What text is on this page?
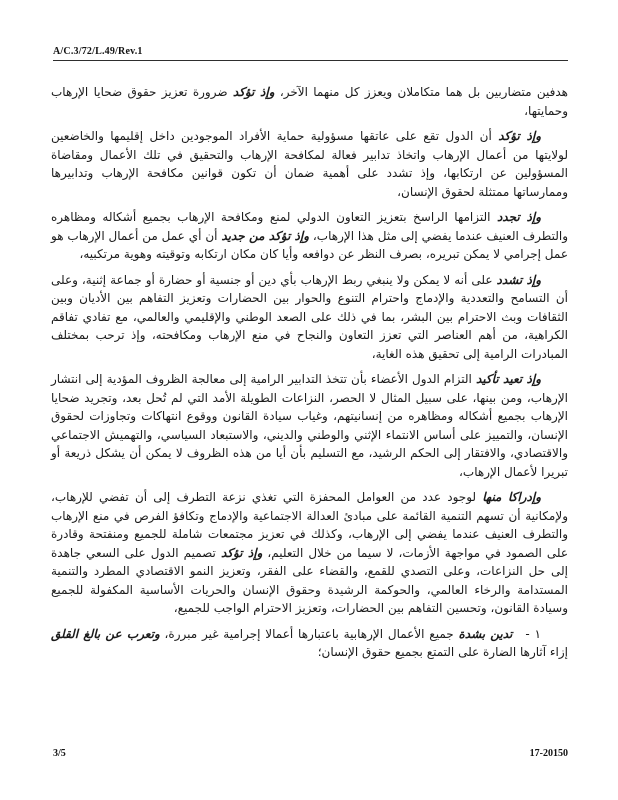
A/C.3/72/L.49/Rev.1

هدفين متضاربين بل هما متكاملان ويعزز كل منهما الآخر، وإذ تؤكد ضرورة تعزيز حقوق ضحايا الإرهاب وحمايتها،

وإذ تؤكد أن الدول تقع على عاتقها مسؤولية حماية الأفراد الموجودين داخل إقليمها والخاضعين لولايتها من أعمال الإرهاب واتخاذ تدابير فعالة لمكافحة الإرهاب والتحقيق في تلك الأعمال ومقاضاة المسؤولين عن ارتكابها، وإذ تشدد على أهمية ضمان أن تكون قوانين مكافحة الإرهاب وتدابيرها وممارساتها ممتثلة لحقوق الإنسان،

وإذ تجدد التزامها الراسخ بتعزيز التعاون الدولي لمنع ومكافحة الإرهاب بجميع أشكاله ومظاهره والتطرف العنيف عندما يفضي إلى مثل هذا الإرهاب، وإذ تؤكد من جديد أن أي عمل من أعمال الإرهاب هو عمل إجرامي لا يمكن تبريره، بصرف النظر عن دوافعه وأيا كان مكان ارتكابه وتوقيته وهوية مرتكبيه،

وإذ تشدد على أنه لا يمكن ولا ينبغي ربط الإرهاب بأي دين أو جنسية أو حضارة أو جماعة إثنية، وعلى أن التسامح والتعددية والإدماج واحترام التنوع والحوار بين الحضارات وتعزيز التفاهم بين الأديان وبين الثقافات وبث الاحترام بين البشر، بما في ذلك على الصعد الوطني والإقليمي والعالمي، مع تفادي تفاقم الكراهية، من أهم العناصر التي تعزز التعاون والنجاح في منع الإرهاب ومكافحته، وإذ ترحب بمختلف المبادرات الرامية إلى تحقيق هذه الغاية،

وإذ تعيد تأكيد التزام الدول الأعضاء بأن تتخذ التدابير الرامية إلى معالجة الظروف المؤدية إلى انتشار الإرهاب، ومن بينها، على سبيل المثال لا الحصر، النزاعات الطويلة الأمد التي لم تُحل بعد، وتجريد ضحايا الإرهاب بجميع أشكاله ومظاهره من إنسانيتهم، وغياب سيادة القانون ووقوع انتهاكات وتجاوزات لحقوق الإنسان، والتمييز على أساس الانتماء الإثني والوطني والديني، والاستبعاد السياسي، والتهميش الاجتماعي والاقتصادي، والافتقار إلى الحكم الرشيد، مع التسليم بأن أيا من هذه الظروف لا يمكن أن يشكل ذريعة أو تبريرا لأعمال الإرهاب،

وإدراكا منها لوجود عدد من العوامل المحفزة التي تغذي نزعة التطرف إلى أن تفضي للإرهاب، ولإمكانية أن تسهم التنمية القائمة على مبادئ العدالة الاجتماعية والإدماج وتكافؤ الفرص في منع الإرهاب والتطرف العنيف عندما يفضي إلى الإرهاب، وكذلك في تعزيز مجتمعات شاملة للجميع ومنفتحة وقادرة على الصمود في مواجهة الأزمات، لا سيما من خلال التعليم، وإذ تؤكد تصميم الدول على السعي جاهدة إلى حل النزاعات، وعلى التصدي للقمع، والقضاء على الفقر، وتعزيز النمو الاقتصادي المطرد والتنمية المستدامة والرخاء العالمي، والحوكمة الرشيدة وحقوق الإنسان والحريات الأساسية المكفولة للجميع وسيادة القانون، وتحسين التفاهم بين الحضارات، وتعزيز الاحترام الواجب للجميع،

١ -تدين بشدة جميع الأعمال الإرهابية باعتبارها أعمالا إجرامية غير مبررة، وتعرب عن بالغ القلق إزاء آثارها الضارة على التمتع بجميع حقوق الإنسان؛

3/5	17-20150
